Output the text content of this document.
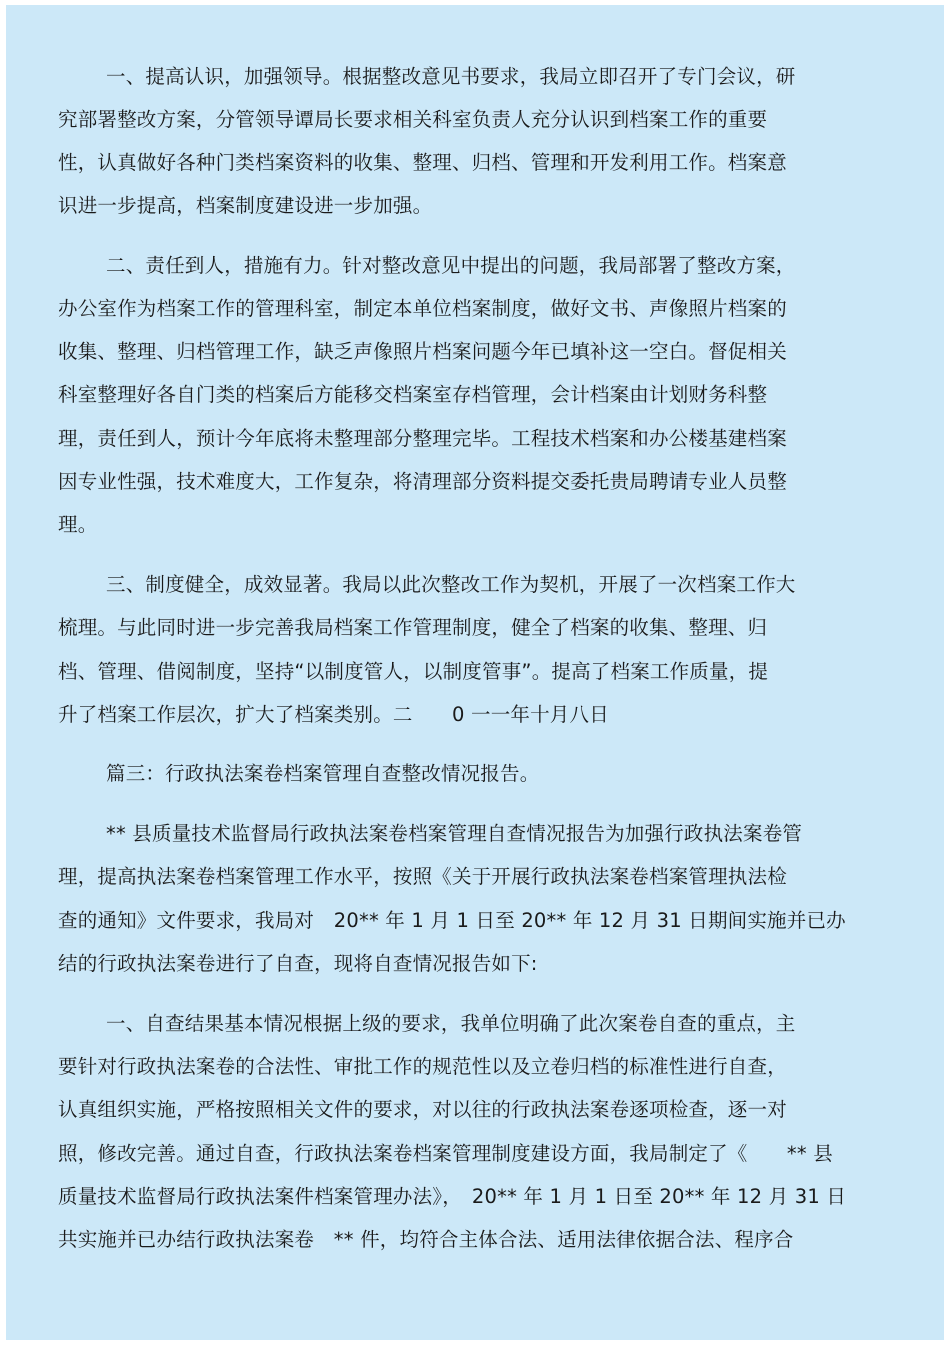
一、提高认识，加强领导。根据整改意见书要求，我局立即召开了专门会议，研
究部署整改方案，分管领导谭局长要求相关科室负责人充分认识到档案工作的重要
性，认真做好各种门类档案资料的收集、整理、归档、管理和开发利用工作。档案意
识进一步提高，档案制度建设进一步加强。
二、责任到人，措施有力。针对整改意见中提出的问题，我局部署了整改方案，
办公室作为档案工作的管理科室，制定本单位档案制度，做好文书、声像照片档案的
收集、整理、归档管理工作，缺乏声像照片档案问题今年已填补这一空白。督促相关
科室整理好各自门类的档案后方能移交档案室存档管理，会计档案由计划财务科整
理，责任到人，预计今年底将未整理部分整理完毕。工程技术档案和办公楼基建档案
因专业性强，技术难度大，工作复杂，将清理部分资料提交委托贵局聘请专业人员整
理。
三、制度健全，成效显著。我局以此次整改工作为契机，开展了一次档案工作大
梳理。与此同时进一步完善我局档案工作管理制度，健全了档案的收集、整理、归
档、管理、借阅制度，坚持“以制度管人，以制度管事”。提高了档案工作质量，提
升了档案工作层次，扩大了档案类别。二　　0 一一年十月八日
篇三：行政执法案卷档案管理自查整改情况报告。
** 县质量技术监督局行政执法案卷档案管理自查情况报告为加强行政执法案卷管
理，提高执法案卷档案管理工作水平，按照《关于开展行政执法案卷档案管理执法检
查的通知》文件要求，我局对　20** 年 1 月 1 日至 20** 年 12 月 31 日期间实施并已办
结的行政执法案卷进行了自查，现将自查情况报告如下:
一、自查结果基本情况根据上级的要求，我单位明确了此次案卷自查的重点，主
要针对行政执法案卷的合法性、审批工作的规范性以及立卷归档的标准性进行自查，
认真组织实施，严格按照相关文件的要求，对以往的行政执法案卷逐项检查，逐一对
照，修改完善。通过自查，行政执法案卷档案管理制度建设方面，我局制定了《　　** 县
质量技术监督局行政执法案件档案管理办法》，　20** 年 1 月 1 日至 20** 年 12 月 31 日
共实施并已办结行政执法案卷　** 件，均符合主体合法、适用法律依据合法、程序合
